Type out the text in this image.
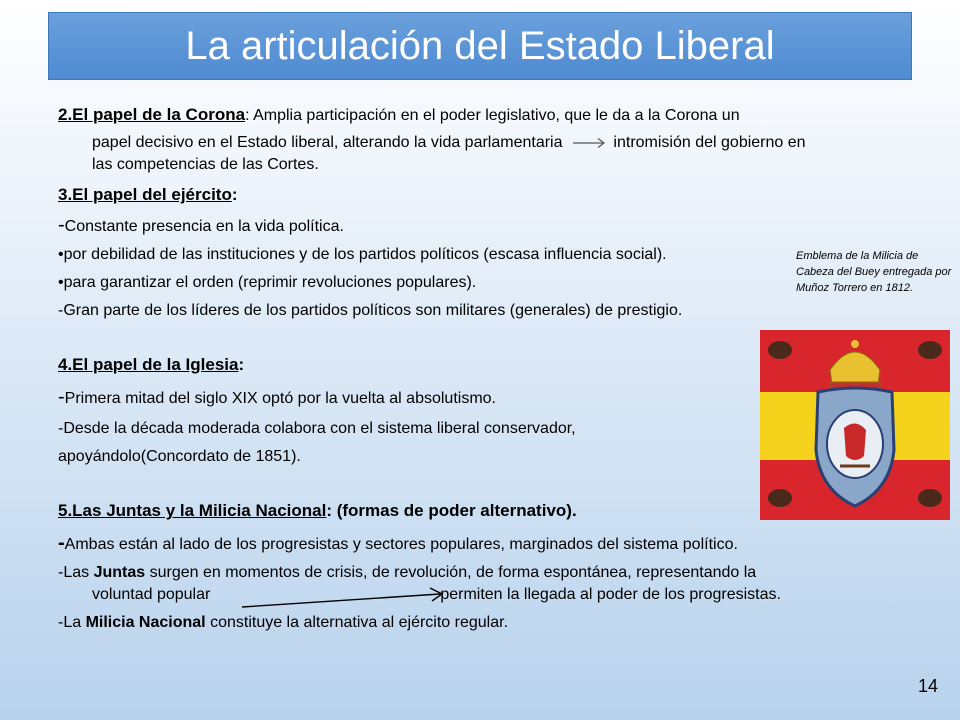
La articulación del Estado Liberal
2.El papel de la Corona: Amplia participación en el poder legislativo, que le da a la Corona un
papel decisivo en el Estado liberal, alterando la vida parlamentaria	intromisión del gobierno en
las competencias de las Cortes.
3.El papel del ejército:
-Constante presencia en la vida política.
•por debilidad de las instituciones y de los partidos políticos (escasa influencia social).
•para garantizar el orden (reprimir revoluciones populares).
-Gran parte de los líderes de los partidos políticos son militares (generales) de prestigio.
4.El papel de la Iglesia:
-Primera mitad del siglo XIX optó por la vuelta al absolutismo.
-Desde la década moderada colabora con el sistema liberal conservador,
apoyándolo(Concordato de 1851).
5.Las Juntas y la Milicia Nacional: (formas de poder alternativo).
-Ambas están al lado de los progresistas y sectores populares, marginados del sistema político.
-Las Juntas surgen en momentos de crisis, de revolución, de forma espontánea, representando la
voluntad popular	permiten la llegada al poder de los progresistas.
-La Milicia Nacional constituye la alternativa al ejército regular.
Emblema de la Milicia de Cabeza del Buey entregada por Muñoz Torrero en 1812.
14
